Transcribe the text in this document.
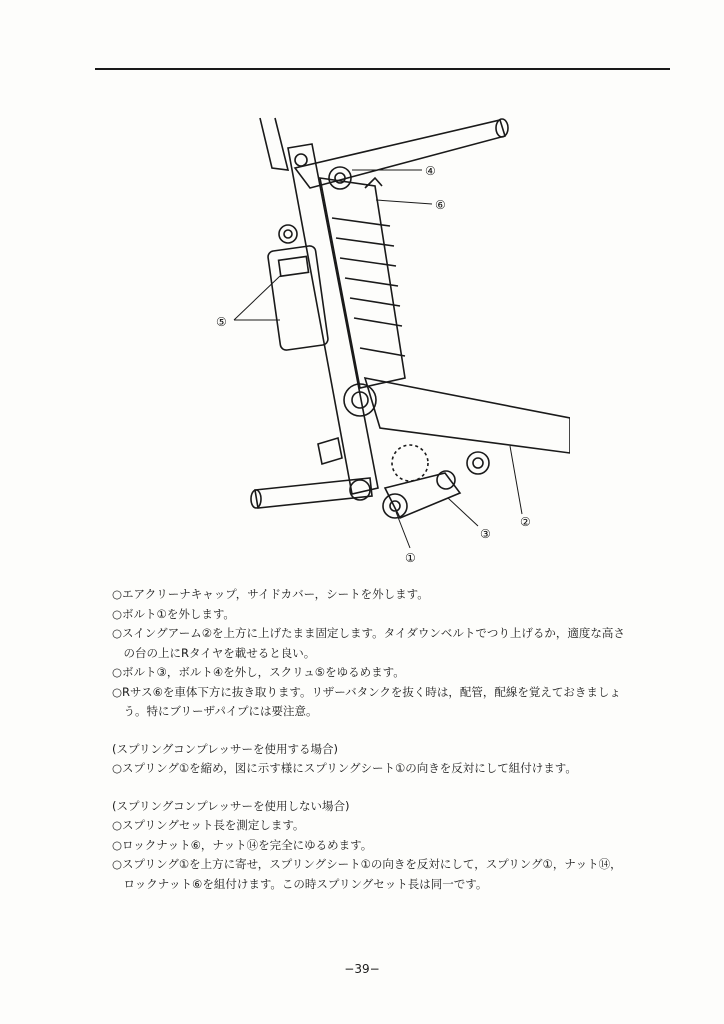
④
⑥
⑤
③
②
①
○エアクリーナキャップ，サイドカバー，シートを外します。
○ボルト①を外します。
○スイングアーム②を上方に上げたまま固定します。タイダウンベルトでつり上げるか，適度な高さ
　の台の上にRタイヤを載せると良い。
○ボルト③，ボルト④を外し，スクリュ⑤をゆるめます。
○Rサス⑥を車体下方に抜き取ります。リザーバタンクを抜く時は，配管，配線を覚えておきましょ
　う。特にブリーザパイプには要注意。
(スプリングコンプレッサーを使用する場合)
○スプリング①を縮め，図に示す様にスプリングシート①の向きを反対にして組付けます。
(スプリングコンプレッサーを使用しない場合)
○スプリングセット長を測定します。
○ロックナット⑥，ナット⑭を完全にゆるめます。
○スプリング①を上方に寄せ，スプリングシート①の向きを反対にして，スプリング①，ナット⑭，
　ロックナット⑥を組付けます。この時スプリングセット長は同一です。
−39−
